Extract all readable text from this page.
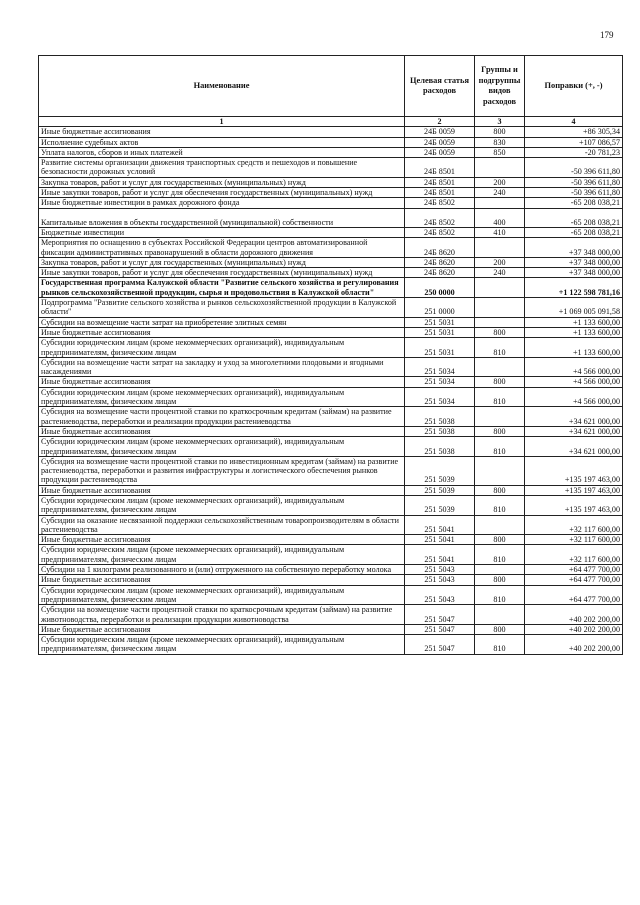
179
Наименование	Целевая статья расходов	Группы и подгруппы видов расходов	Поправки (+, -)
1	2	3	4
Иные бюджетные ассигнования	24Б 0059	800	+86 305,34
Исполнение судебных актов	24Б 0059	830	+107 086,57
Уплата налогов, сборов и иных платежей	24Б 0059	850	-20 781,23
Развитие системы организации движения транспортных средств и пешеходов и повышение безопасности дорожных условий	24Б 8501		-50 396 611,80
Закупка товаров, работ и услуг для государственных (муниципальных) нужд	24Б 8501	200	-50 396 611,80
Иные закупки товаров, работ и услуг для обеспечения государственных (муниципальных) нужд	24Б 8501	240	-50 396 611,80
Иные бюджетные инвестиции в рамках дорожного фонда	24Б 8502		-65 208 038,21
Капитальные вложения в объекты государственной (муниципальной) собственности	24Б 8502	400	-65 208 038,21
Бюджетные инвестиции	24Б 8502	410	-65 208 038,21
Мероприятия по оснащению в субъектах Российской Федерации центров автоматизированной фиксации административных правонарушений в области дорожного движения	24Б 8620		+37 348 000,00
Закупка товаров, работ и услуг для государственных (муниципальных) нужд	24Б 8620	200	+37 348 000,00
Иные закупки товаров, работ и услуг для обеспечения государственных (муниципальных) нужд	24Б 8620	240	+37 348 000,00
Государственная программа Калужской области "Развитие сельского хозяйства и регулирования рынков сельскохозяйственной продукции, сырья и продовольствия в Калужской области"	250 0000		+1 122 598 781,16
Подпрограмма "Развитие сельского хозяйства и рынков сельскохозяйственной продукции в Калужской области"	251 0000		+1 069 005 091,58
Субсидии на возмещение части затрат на приобретение элитных семян	251 5031		+1 133 600,00
Иные бюджетные ассигнования	251 5031	800	+1 133 600,00
Субсидии юридическим лицам (кроме некоммерческих организаций), индивидуальным предпринимателям, физическим лицам	251 5031	810	+1 133 600,00
Субсидии на возмещение части затрат на закладку и уход за многолетними плодовыми и ягодными насаждениями	251 5034		+4 566 000,00
Иные бюджетные ассигнования	251 5034	800	+4 566 000,00
Субсидии юридическим лицам (кроме некоммерческих организаций), индивидуальным предпринимателям, физическим лицам	251 5034	810	+4 566 000,00
Субсидия на возмещение части процентной ставки по краткосрочным кредитам (займам) на развитие растениеводства, переработки и реализации продукции растениеводства	251 5038		+34 621 000,00
Иные бюджетные ассигнования	251 5038	800	+34 621 000,00
Субсидии юридическим лицам (кроме некоммерческих организаций), индивидуальным предпринимателям, физическим лицам	251 5038	810	+34 621 000,00
Субсидия на возмещение части процентной ставки по инвестиционным кредитам (займам) на развитие растениеводства, переработки и развития инфраструктуры и логистического обеспечения рынков продукции растениеводства	251 5039		+135 197 463,00
Иные бюджетные ассигнования	251 5039	800	+135 197 463,00
Субсидии юридическим лицам (кроме некоммерческих организаций), индивидуальным предпринимателям, физическим лицам	251 5039	810	+135 197 463,00
Субсидии на оказание несвязанной поддержки сельскохозяйственным товаропроизводителям в области растениеводства	251 5041		+32 117 600,00
Иные бюджетные ассигнования	251 5041	800	+32 117 600,00
Субсидии юридическим лицам (кроме некоммерческих организаций), индивидуальным предпринимателям, физическим лицам	251 5041	810	+32 117 600,00
Субсидии на 1 килограмм реализованного и (или) отгруженного на собственную переработку молока	251 5043		+64 477 700,00
Иные бюджетные ассигнования	251 5043	800	+64 477 700,00
Субсидии юридическим лицам (кроме некоммерческих организаций), индивидуальным предпринимателям, физическим лицам	251 5043	810	+64 477 700,00
Субсидии на возмещение части процентной ставки по краткосрочным кредитам (займам) на развитие животноводства, переработки и реализации продукции животноводства	251 5047		+40 202 200,00
Иные бюджетные ассигнования	251 5047	800	+40 202 200,00
Субсидии юридическим лицам (кроме некоммерческих организаций), индивидуальным предпринимателям, физическим лицам	251 5047	810	+40 202 200,00
